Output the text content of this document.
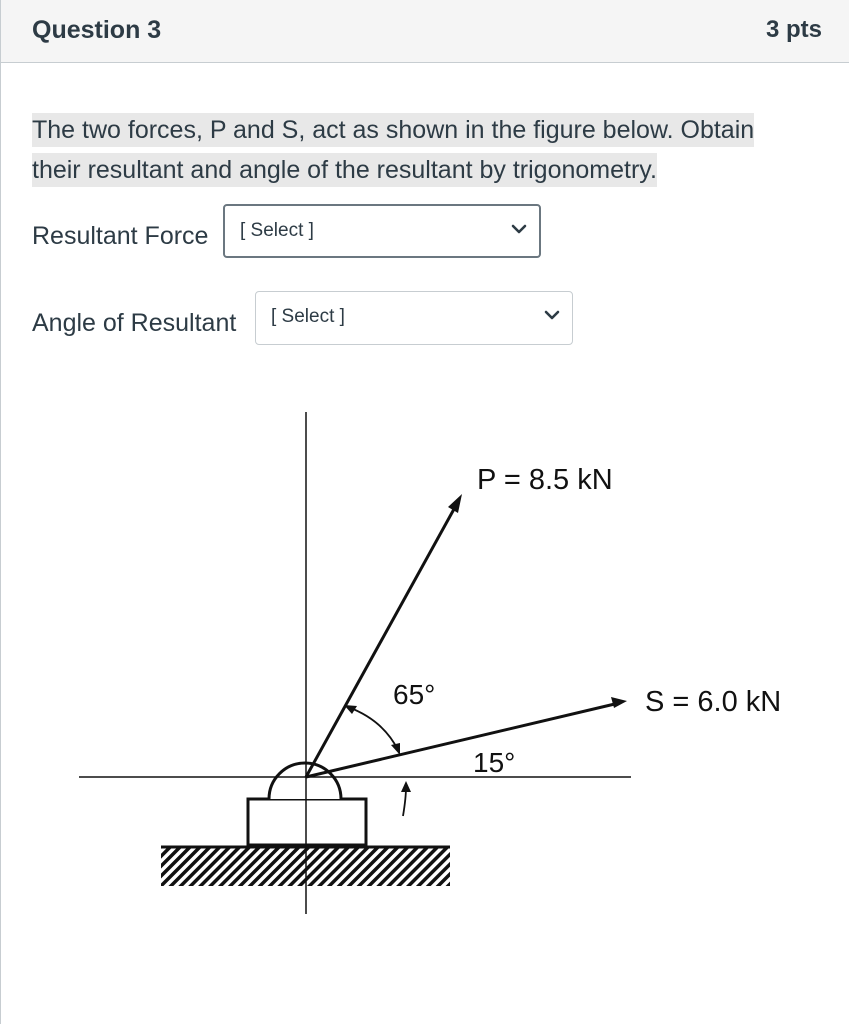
Question 3	3 pts
The two forces, P and S, act as shown in the figure below. Obtain
their resultant and angle of the resultant by trigonometry.
Resultant Force [ Select ]
Angle of Resultant [ Select ]
P = 8.5 kN
S = 6.0 kN
65°
15°
